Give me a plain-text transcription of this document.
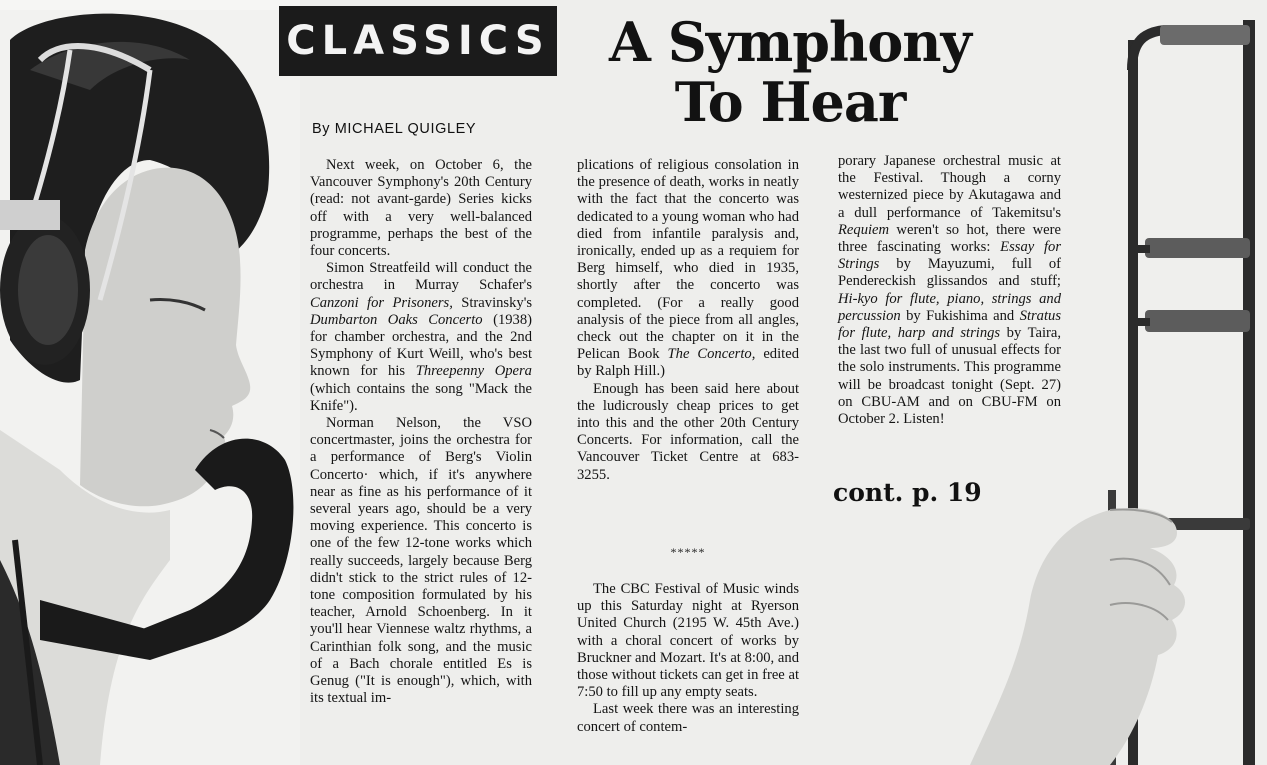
CLASSICS	A Symphony
To Hear
By MICHAEL QUIGLEY

Next week, on October 6, the Vancouver Symphony's 20th Century (read: not avant-garde) Series kicks off with a very well-balanced programme, perhaps the best of the four concerts.

Simon Streatfeild will conduct the orchestra in Murray Schafer's Canzoni for Prisoners, Stravinsky's Dumbarton Oaks Concerto (1938) for chamber orchestra, and the 2nd Symphony of Kurt Weill, who's best known for his Threepenny Opera (which contains the song "Mack the Knife").

Norman Nelson, the VSO concertmaster, joins the orchestra for a performance of Berg's Violin Concerto· which, if it's anywhere near as fine as his performance of it several years ago, should be a very moving experience. This concerto is one of the few 12-tone works which really succeeds, largely because Berg didn't stick to the strict rules of 12-tone composition formulated by his teacher, Arnold Schoenberg. In it you'll hear Viennese waltz rhythms, a Carinthian folk song, and the music of a Bach chorale entitled Es is Genug ("It is enough"), which, with its textual im-

plications of religious consolation in the presence of death, works in neatly with the fact that the concerto was dedicated to a young woman who had died from infantile paralysis and, ironically, ended up as a requiem for Berg himself, who died in 1935, shortly after the concerto was completed. (For a really good analysis of the piece from all angles, check out the chapter on it in the Pelican Book The Concerto, edited by Ralph Hill.)

Enough has been said here about the ludicrously cheap prices to get into this and the other 20th Century Concerts. For information, call the Vancouver Ticket Centre at 683-3255.

*****

The CBC Festival of Music winds up this Saturday night at Ryerson United Church (2195 W. 45th Ave.) with a choral concert of works by Bruckner and Mozart. It's at 8:00, and those without tickets can get in free at 7:50 to fill up any empty seats.

Last week there was an interesting concert of contem-

porary Japanese orchestral music at the Festival. Though a corny westernized piece by Akutagawa and a dull performance of Takemitsu's Requiem weren't so hot, there were three fascinating works: Essay for Strings by Mayuzumi, full of Pendereckish glissandos and stuff; Hi-kyo for flute, piano, strings and percussion by Fukishima and Stratus for flute, harp and strings by Taira, the last two full of unusual effects for the solo instruments. This programme will be broadcast tonight (Sept. 27) on CBU-AM and on CBU-FM on October 2. Listen!

cont. p. 19
